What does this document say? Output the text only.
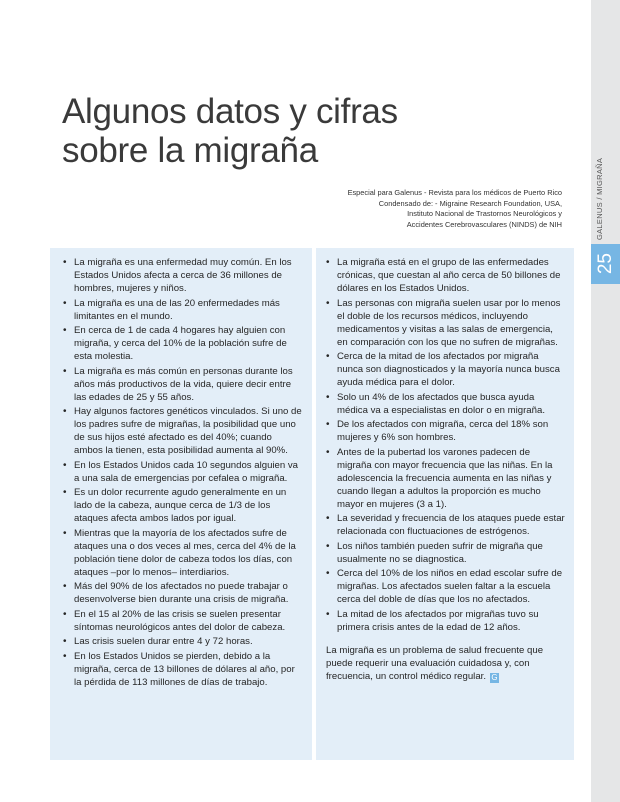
GALENUS / MIGRAÑA
25
Algunos datos y cifras
sobre la migraña
Especial para Galenus - Revista para los médicos de Puerto Rico
Condensado de: - Migraine Research Foundation, USA,
Instituto Nacional de Trastornos Neurológicos y
Accidentes Cerebrovasculares (NINDS) de NIH
• La migraña es una enfermedad muy común. En los Estados Unidos afecta a cerca de 36 millones de hombres, mujeres y niños.
• La migraña es una de las 20 enfermedades más limitantes en el mundo.
• En cerca de 1 de cada 4 hogares hay alguien con migraña, y cerca del 10% de la población sufre de esta molestia.
• La migraña es más común en personas durante los años más productivos de la vida, quiere decir entre las edades de 25 y 55 años.
• Hay algunos factores genéticos vinculados. Si uno de los padres sufre de migrañas, la posibilidad que uno de sus hijos esté afectado es del 40%; cuando ambos la tienen, esta posibilidad aumenta al 90%.
• En los Estados Unidos cada 10 segundos alguien va a una sala de emergencias por cefalea o migraña.
• Es un dolor recurrente agudo generalmente en un lado de la cabeza, aunque cerca de 1/3 de los ataques afecta ambos lados por igual.
• Mientras que la mayoría de los afectados sufre de ataques una o dos veces al mes, cerca del 4% de la población tiene dolor de cabeza todos los días, con ataques –por lo menos– interdiarios.
• Más del 90% de los afectados no puede trabajar o desenvolverse bien durante una crisis de migraña.
• En el 15 al 20% de las crisis se suelen presentar síntomas neurológicos antes del dolor de cabeza.
• Las crisis suelen durar entre 4 y 72 horas.
• En los Estados Unidos se pierden, debido a la migraña, cerca de 13 billones de dólares al año, por la pérdida de 113 millones de días de trabajo.
• La migraña está en el grupo de las enfermedades crónicas, que cuestan al año cerca de 50 billones de dólares en los Estados Unidos.
• Las personas con migraña suelen usar por lo menos el doble de los recursos médicos, incluyendo medicamentos y visitas a las salas de emergencia, en comparación con los que no sufren de migrañas.
• Cerca de la mitad de los afectados por migraña nunca son diagnosticados y la mayoría nunca busca ayuda médica para el dolor.
• Solo un 4% de los afectados que busca ayuda médica va a especialistas en dolor o en migraña.
• De los afectados con migraña, cerca del 18% son mujeres y 6% son hombres.
• Antes de la pubertad los varones padecen de migraña con mayor frecuencia que las niñas. En la adolescencia la frecuencia aumenta en las niñas y cuando llegan a adultos la proporción es mucho mayor en mujeres (3 a 1).
• La severidad y frecuencia de los ataques puede estar relacionada con fluctuaciones de estrógenos.
• Los niños también pueden sufrir de migraña que usualmente no se diagnostica.
• Cerca del 10% de los niños en edad escolar sufre de migrañas. Los afectados suelen faltar a la escuela cerca del doble de días que los no afectados.
• La mitad de los afectados por migrañas tuvo su primera crisis antes de la edad de 12 años.
La migraña es un problema de salud frecuente que puede requerir una evaluación cuidadosa y, con frecuencia, un control médico regular. G
